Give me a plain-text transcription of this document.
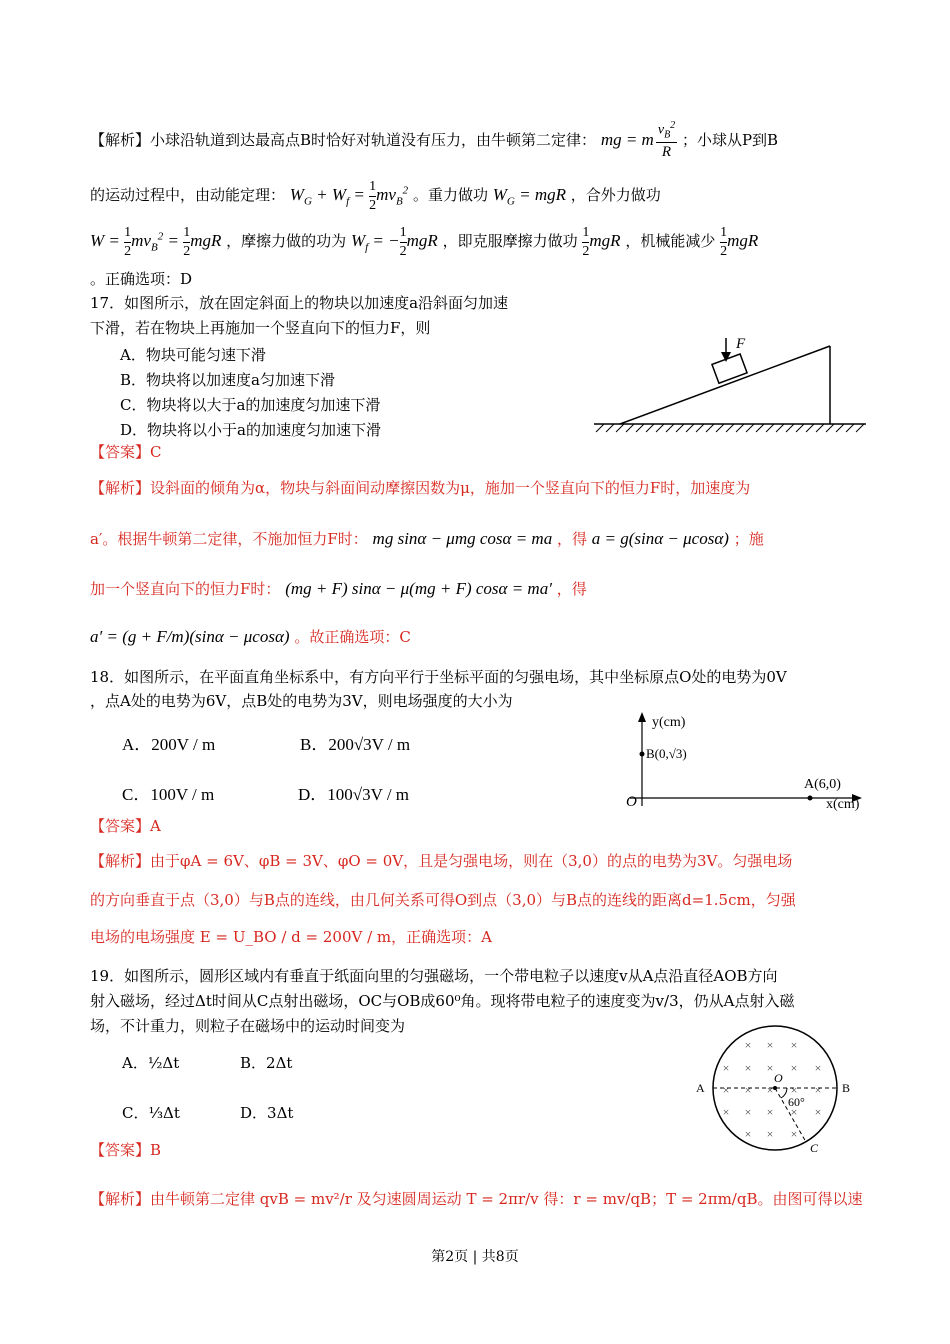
【解析】小球沿轨道到达最高点B时恰好对轨道没有压力，由牛顿第二定律： mg = m $\frac{v_B^2}{R}$ ；小球从P到B
的运动过程中，由动能定理： $W_G + W_f = \frac{1}{2} mv_B^2$ 。重力做功 $W_G$ = mgR ，合外力做功
$W = \frac{1}{2} mv_B^2 = \frac{1}{2}$ mgR ，摩擦力做的功为 $W_f$ = − $\frac{1}{2}$ mgR ，即克服摩擦力做功 $\frac{1}{2}$ mgR ，机械能减少 $\frac{1}{2}$ mgR
。正确选项：D
17．如图所示，放在固定斜面上的物块以加速度a沿斜面匀加速
下滑，若在物块上再施加一个竖直向下的恒力F，则
A．物块可能匀速下滑
B．物块将以加速度a匀加速下滑
C．物块将以大于a的加速度匀加速下滑
D．物块将以小于a的加速度匀加速下滑
F
【答案】C
【解析】设斜面的倾角为α，物块与斜面间动摩擦因数为μ，施加一个竖直向下的恒力F时，加速度为
a′。根据牛顿第二定律，不施加恒力F时： mg sinα − μmg cosα = ma ，得 a = g(sinα − μcosα) ；施
加一个竖直向下的恒力F时： (mg + F) sinα − μ(mg + F) cosα = ma′ ，得
a′ = (g + F/m)(sinα − μcosα) 。故正确选项：C
18．如图所示，在平面直角坐标系中，有方向平行于坐标平面的匀强电场，其中坐标原点O处的电势为0V
，点A处的电势为6V，点B处的电势为3V，则电场强度的大小为
A．200V / m	B．200√3V / m
C．100V / m	D．100√3V / m
y(cm)
x(cm)
O
B(0,√3)
A(6,0)
【答案】A
【解析】由于φA = 6V、φB = 3V、φO = 0V，且是匀强电场，则在（3,0）的点的电势为3V。匀强电场
的方向垂直于点（3,0）与B点的连线，由几何关系可得O到点（3,0）与B点的连线的距离d=1.5cm，匀强
电场的电场强度 E = U_BO / d = 200V / m，正确选项：A
19．如图所示，圆形区域内有垂直于纸面向里的匀强磁场，一个带电粒子以速度v从A点沿直径AOB方向
射入磁场，经过Δt时间从C点射出磁场，OC与OB成60⁰角。现将带电粒子的速度变为v/3，仍从A点射入磁
场，不计重力，则粒子在磁场中的运动时间变为
A．½Δt	B．2Δt
C．⅓Δt	D．3Δt
× × ×
× × × × ×
× × × × ×
× × × × ×
× × ×
A	B
C
O
60°
【答案】B
【解析】由牛顿第二定律 qvB = mv²/r 及匀速圆周运动 T = 2πr/v 得：r = mv/qB；T = 2πm/qB。由图可得以速
第2页 | 共8页
